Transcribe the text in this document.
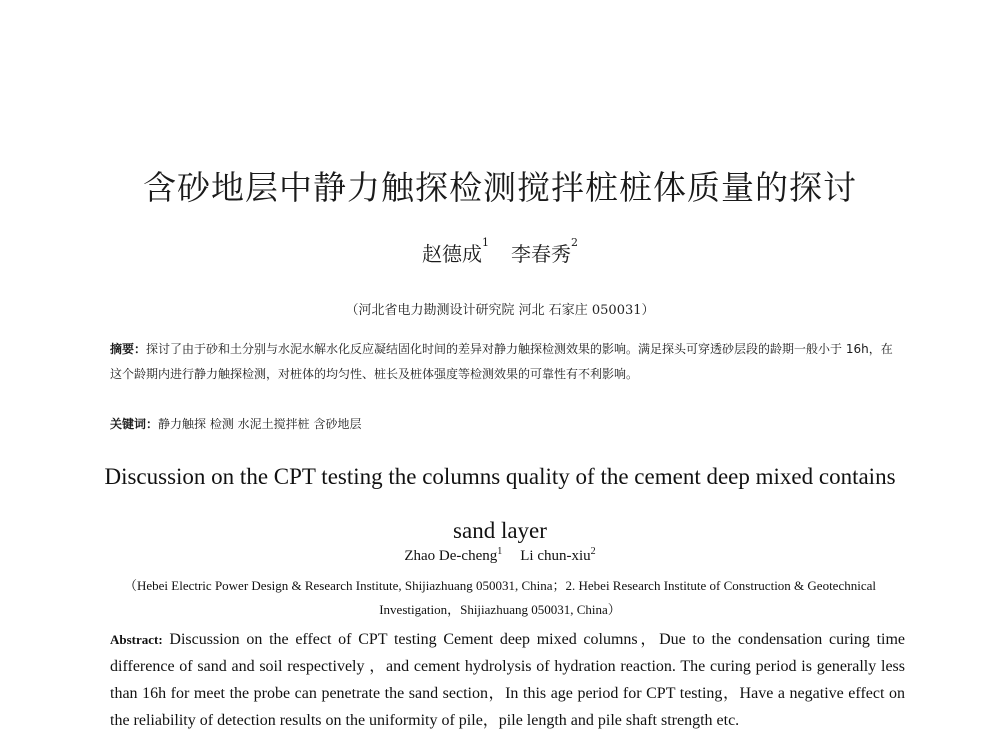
含砂地层中静力触探检测搅拌桩桩体质量的探讨
赵德成$^1$ 李春秀$^2$
（河北省电力勘测设计研究院 河北 石家庄 050031）
摘要：探讨了由于砂和土分别与水泥水解水化反应凝结固化时间的差异对静力触探检测效果的影响。满足探头可穿透砂层段的龄期一般小于 16h，在这个龄期内进行静力触探检测，对桩体的均匀性、桩长及桩体强度等检测效果的可靠性有不利影响。
关键词：静力触探 检测 水泥土搅拌桩 含砂地层
Discussion on the CPT testing the columns quality of the cement deep mixed contains sand layer
Zhao De-cheng$^1$ Li chun-xiu$^2$
（Hebei Electric Power Design & Research Institute, Shijiazhuang 050031, China；2. Hebei Research Institute of Construction & Geotechnical Investigation，Shijiazhuang 050031, China）
Abstract: Discussion on the effect of CPT testing Cement deep mixed columns，Due to the condensation curing time difference of sand and soil respectively ，and cement hydrolysis of hydration reaction. The curing period is generally less than 16h for meet the probe can penetrate the sand section，In this age period for CPT testing，Have a negative effect on the reliability of detection results on the uniformity of pile，pile length and pile shaft strength etc.
